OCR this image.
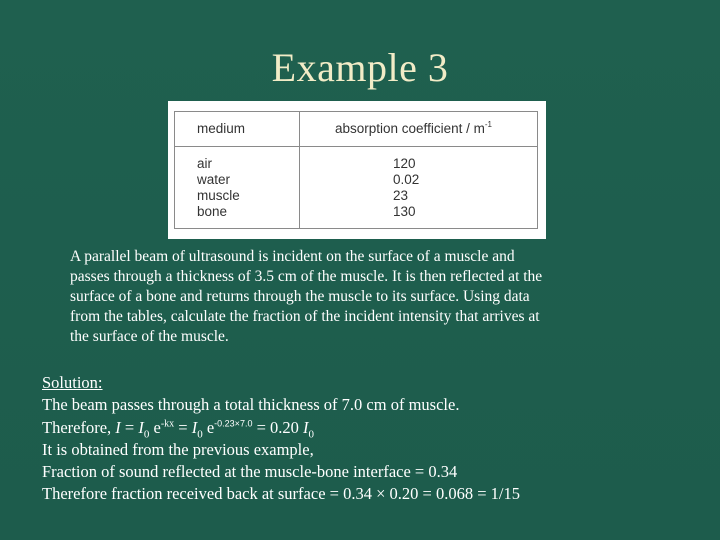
Example 3
medium	absorption coefficient / $m^{-1}$
air
water
muscle
bone
120
0.02
23
130
A parallel beam of ultrasound is incident on the surface of a muscle and
passes through a thickness of 3.5 cm of the muscle. It is then reflected at the
surface of a bone and returns through the muscle to its surface. Using data
from the tables, calculate the fraction of the incident intensity that arrives at
the surface of the muscle.
Solution:
The beam passes through a total thickness of 7.0 cm of muscle.
Therefore, $I = I_0$ $e^{-kx} = I_0$ $e^{-0.23\times 7.0} = 0.20$ $I_0$
It is obtained from the previous example,
Fraction of sound reflected at the muscle-bone interface = 0.34
Therefore fraction received back at surface = 0.34 × 0.20 = 0.068 = 1/15
